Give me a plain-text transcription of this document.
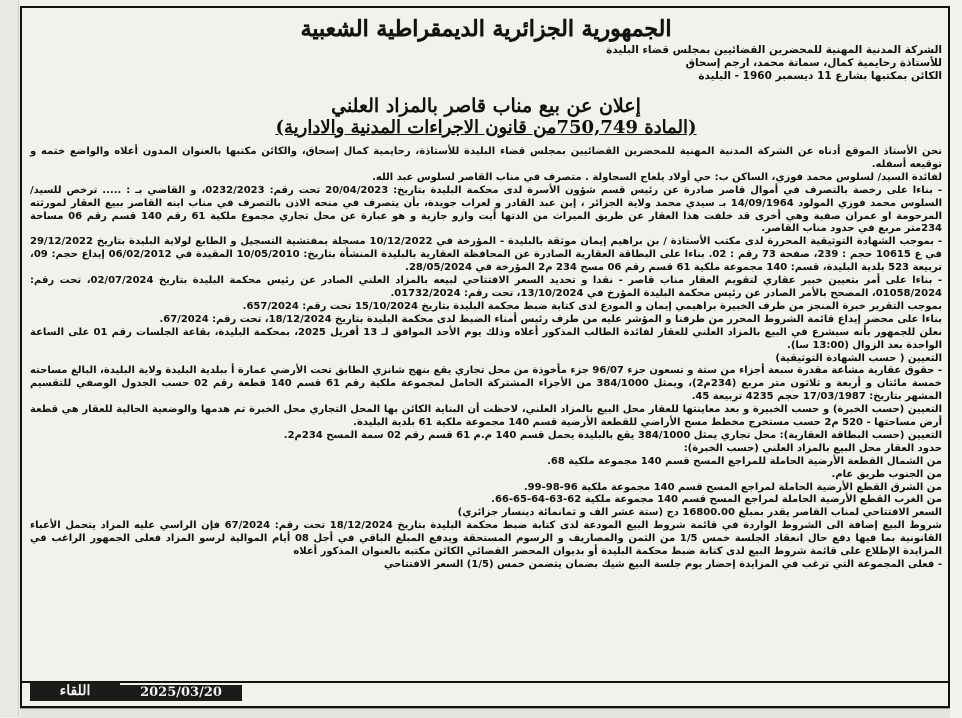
الجمهورية الجزائرية الديمقراطية الشعبية
الشركة المدنية المهنية للمحضرين القضائيين بمجلس قضاء البليدة
للأستاذة رحايمية كمال، سماتة محمد، ارجم إسحاق
الكائن بمكتبها بشارع 11 ديسمبر 1960 - البليدة
إعلان عن بيع مناب قاصر بالمزاد العلني
(المادة 750,749من قانون الاجراءات المدنية والادارية)

نحن الأستاذ الموقع أدناه عن الشركة المدنية المهنية للمحضرين القضائيين بمجلس قضاء البليدة للأستاذة، رحايمية كمال إسحاق، والكائن مكتبها بالعنوان المدون أعلاه والواضع ختمه و توقيعه أسفله.

لفائدة السيد/ لسلوس محمد فوزي، الساكن ب: حي أولاد يلعاج السحاولة . متصرف في مناب القاصر لسلوس عبد الله.

- بناءا على رخصة بالتصرف في أموال قاصر صادرة عن رئيس قسم شؤون الأسرة لدى محكمة البليدة بتاريخ: 20/04/2023 تحت رقم: 0232/2023، و القاضي بـ : ..... ترخص للسيد/ السلوس محمد فوزي المولود 14/09/1964 بـ سيدي محمد ولاية الجزائر ، إبن عبد القادر و لعراب جويدة، بأن يتصرف في منحه الاذن بالتصرف في مناب ابنه القاصر ببيع العقار لمورثته المرحومة او عمران صفية وهي أخرى قد خلفت هذا العقار عن طريق الميراث من الدتها أيت وازو جازية و هو عبارة عن محل تجاري مجموع ملكية 61 رقم 140 قسم رقم 06 مساحة 234متر مربع في حدود مناب القاصر.

- بموجب الشهادة التوثيقية المحررة لدى مكتب الأستاذة / بن براهيم إيمان موثقة بالبليدة - المؤرخة في 10/12/2022 مسجلة بمفتشية التسجيل و الطابع لولاية البليدة بتاريخ 29/12/2022 في ع 10615 حجم : 239، صفحة 73 رقم : 02. بناءا على البطاقة العقارية الصادرة عن المحافظة العقارية بالبليدة المنشأة بتاريخ: 10/05/2010 المقيدة في 06/02/2012 إيداع حجم: 09، تربيعة 523 بلدية البليدة، قسم: 140 مجموعة ملكية 61 قسم رقم 06 مسح 234 م2 المؤرخة في 28/05/2024.

- بناءا على أمر بتعيين خبير عقاري لتقويم العقار مناب قاصر - نقدا و تحديد السعر الافتتاحي لبيعه بالمزاد العلني الصادر عن رئيس محكمة البليدة بتاريخ 02/07/2024، تحت رقم: 01058/2024، المصحح بالأمر الصادر عن رئيس محكمة البليدة المؤرخ في 13/10/2024، تحت رقم: 01732/2024.

بموجب التقرير خبرة المنجز من طرف الخبيرة براهيمي إيمان و المودع لدى كتابة ضبط محكمة البليدة بتاريخ 15/10/2024 تحت رقم: 657/2024.

بناءا على محضر إيداع قائمة الشروط المحرر من طرفنا و المؤشر عليه من طرف رئيس أمناء الضبط لدى محكمة البليدة بتاريخ 18/12/2024، تحت رقم: 67/2024.

نعلن للجمهور بأنه سيشرع في البيع بالمزاد العلني للعقار لفائدة الطالب المذكور أعلاه وذلك يوم الأحد الموافق لـ 13 أفريل 2025، بمحكمة البليدة، بقاعة الجلسات رقم 01 على الساعة الواحدة بعد الزوال (13:00 سا).

التعيين ( حسب الشهادة التوثيقية)

- حقوق عقارية مشاعة مقدرة سبعة أجزاء من ستة و تسعون جزء 96/07 جزء مأخوذة من محل تجاري يقع بنهج شانزي الطابق تحت الأرضي عمارة أ ببلدية البليدة ولاية البليدة، البالغ مساحته خمسة مائتان و أربعة و ثلاثون متر مربع (234م2)، ويمثل 384/1000 من الأجزاء المشتركة الحامل لمجموعة ملكية رقم 61 قسم 140 قطعة رقم 02 حسب الجدول الوصفي للتقسيم المشهر بتاريخ: 17/03/1987 حجم 4235 تربيعة 45.

التعيين (حسب الخبرة) و حسب الخبيرة و بعد معاينتها للعقار محل البيع بالمزاد العلني، لاحظت أن البناية الكائن بها المحل التجاري محل الخبرة تم هدمها والوضعية الحالية للعقار هي قطعة أرض مساحتها - 520 م2 حسب مستخرج مخطط مسح الأراضي للقطعة الأرضية قسم 140 مجموعة ملكية 61 بلدية البليدة.

التعيين (حسب البطاقة العقارية): محل تجاري يمثل 384/1000 يقع بالبليدة يحمل قسم 140 م.م 61 قسم رقم 02 سمة المسح 234م2.

حدود العقار محل البيع بالمزاد العلني (حسب الخبرة):

من الشمال القطعة الأرضية الحاملة للمراجع المسح قسم 140 مجموعة ملكية 68.

من الجنوب طريق عام.

من الشرق القطع الأرضية الحاملة لمراجع المسح قسم 140 مجموعة ملكية 96-98-99.

من الغرب القطع الأرضية الحاملة لمراجع المسح قسم 140 مجموعة ملكية 62-63-64-65-66.

السعر الافتتاحي لمناب القاصر يقدر بمبلغ 16800.00 دج (ستة عشر الف و ثمانمائة دينسار جزائري)

شروط البيع إضافة الى الشروط الواردة في قائمة شروط البيع المودعة لدى كتابة ضبط محكمة البليدة بتاريخ 18/12/2024 تحت رقم: 67/2024 فإن الراسي عليه المزاد يتحمل الأعباء القانونية بما فيها دفع حال انعقاد الجلسة خمس 1/5 من الثمن والمصاريف و الرسوم المستحقة ويدفع المبلغ الباقي في أجل 08 أيام الموالية لرسو المزاد فعلى الجمهور الراغب في المزايدة الإطلاع على قائمة شروط البيع لدى كتابة ضبط محكمة البليدة أو بديوان المحضر القضائي الكائن مكتبه بالعنوان المذكور أعلاه

- فعلى المجموعة التي ترغب في المزايدة إحضار يوم جلسة البيع شيك بضمان يتضمن خمس (1/5) السعر الافتتاحي

اللقاء	2025/03/20
